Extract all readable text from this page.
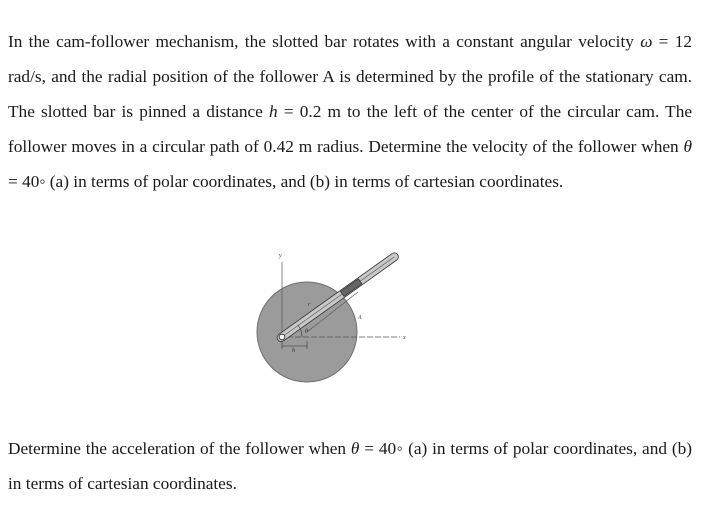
In the cam-follower mechanism, the slotted bar rotates with a constant angular velocity ω = 12 rad/s, and the radial position of the follower A is determined by the profile of the stationary cam. The slotted bar is pinned a distance h = 0.2 m to the left of the center of the circular cam. The follower moves in a circular path of 0.42 m radius. Determine the velocity of the follower when θ = 40◦ (a) in terms of polar coordinates, and (b) in terms of cartesian coordinates.

y
x
r
A
θ
h

Determine the acceleration of the follower when θ = 40◦ (a) in terms of polar coordinates, and (b) in terms of cartesian coordinates.
